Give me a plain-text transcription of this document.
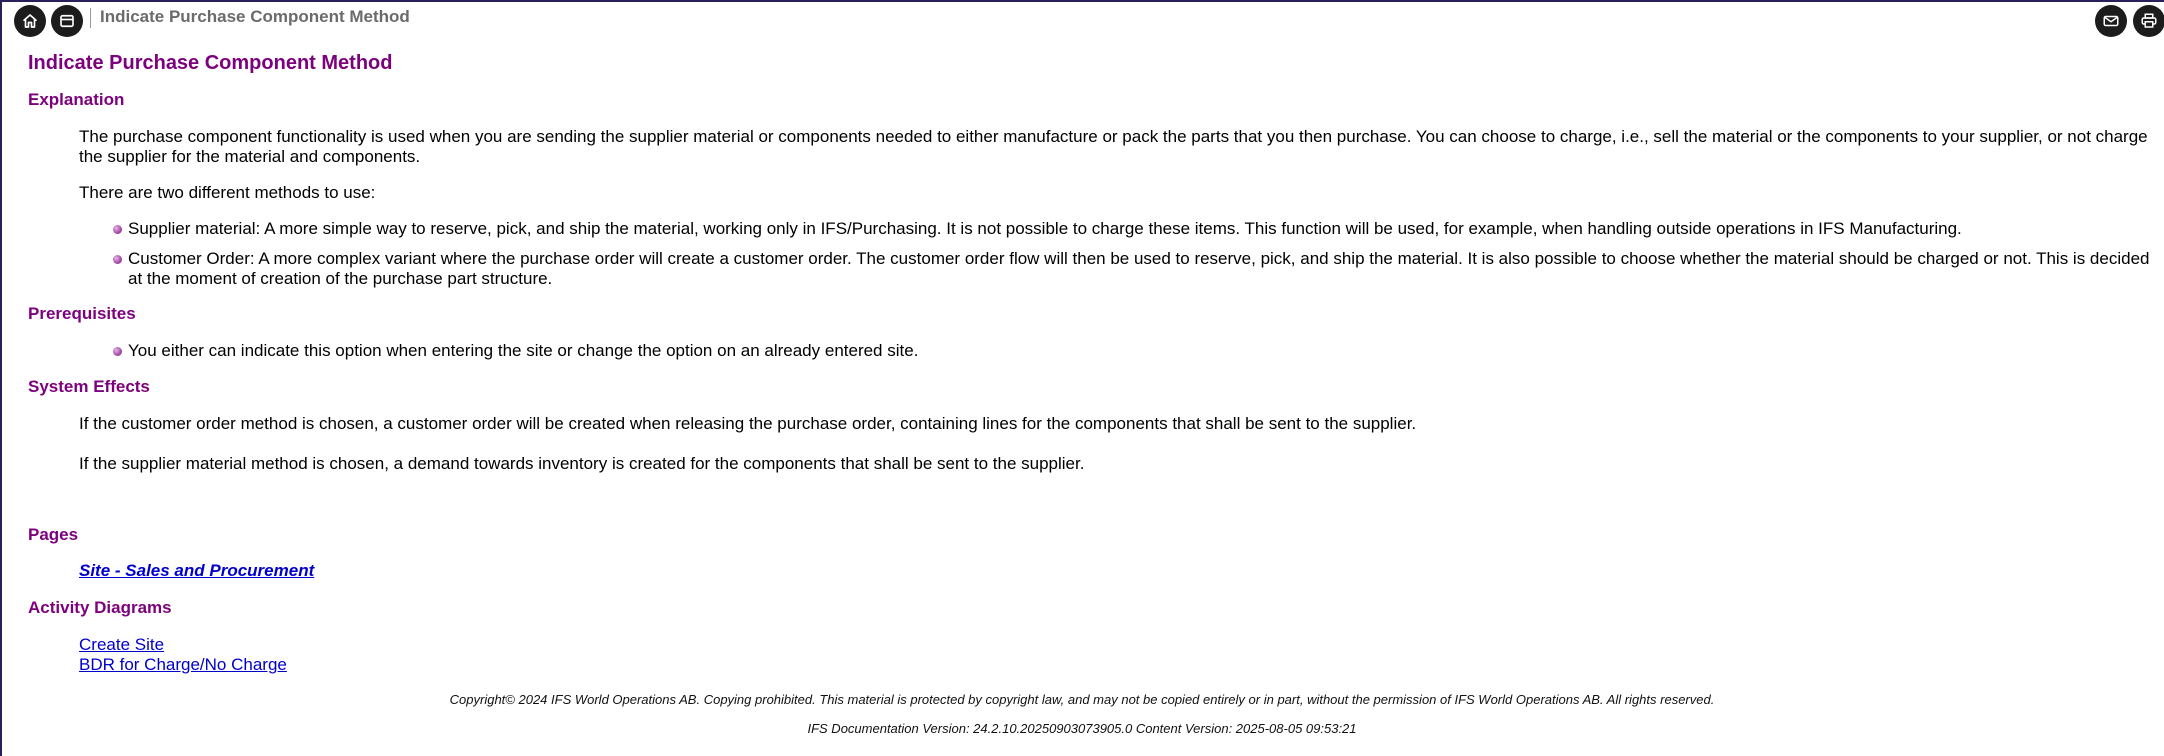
Indicate Purchase Component Method
Indicate Purchase Component Method
Explanation
The purchase component functionality is used when you are sending the supplier material or components needed to either manufacture or pack the parts that you then purchase. You can choose to charge, i.e., sell the material or the components to your supplier, or not charge the supplier for the material and components.
There are two different methods to use:
Supplier material: A more simple way to reserve, pick, and ship the material, working only in IFS/Purchasing. It is not possible to charge these items. This function will be used, for example, when handling outside operations in IFS Manufacturing.
Customer Order: A more complex variant where the purchase order will create a customer order. The customer order flow will then be used to reserve, pick, and ship the material. It is also possible to choose whether the material should be charged or not. This is decided at the moment of creation of the purchase part structure.
Prerequisites
You either can indicate this option when entering the site or change the option on an already entered site.
System Effects
If the customer order method is chosen, a customer order will be created when releasing the purchase order, containing lines for the components that shall be sent to the supplier.
If the supplier material method is chosen, a demand towards inventory is created for the components that shall be sent to the supplier.
Pages
Site - Sales and Procurement
Activity Diagrams
Create Site
BDR for Charge/No Charge
Copyright© 2024 IFS World Operations AB. Copying prohibited. This material is protected by copyright law, and may not be copied entirely or in part, without the permission of IFS World Operations AB. All rights reserved.
IFS Documentation Version: 24.2.10.20250903073905.0 Content Version: 2025-08-05 09:53:21
